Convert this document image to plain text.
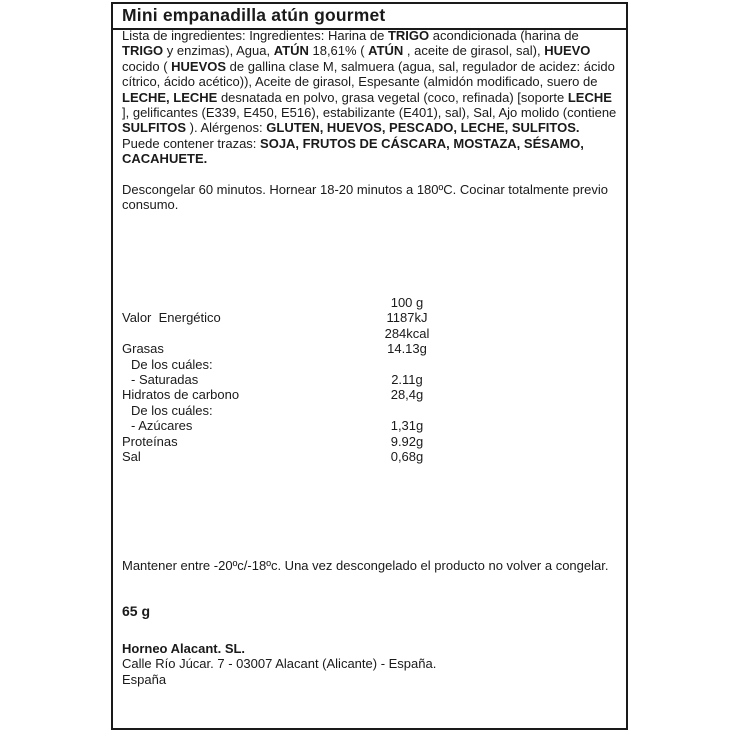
Mini empanadilla atún gourmet
Lista de ingredientes: Ingredientes: Harina de TRIGO acondicionada (harina de TRIGO y enzimas), Agua, ATÚN 18,61% ( ATÚN , aceite de girasol, sal), HUEVO cocido ( HUEVOS de gallina clase M, salmuera (agua, sal, regulador de acidez: ácido cítrico, ácido acético)), Aceite de girasol, Espesante (almidón modificado, suero de LECHE, LECHE desnatada en polvo, grasa vegetal (coco, refinada) [soporte LECHE ], gelificantes (E339, E450, E516), estabilizante (E401), sal), Sal, Ajo molido (contiene SULFITOS ). Alérgenos: GLUTEN, HUEVOS, PESCADO, LECHE, SULFITOS. Puede contener trazas: SOJA, FRUTOS DE CÁSCARA, MOSTAZA, SÉSAMO, CACAHUETE.
Descongelar 60 minutos. Hornear 18-20 minutos a 180ºC. Cocinar totalmente previo consumo.
100 g
Valor  Energético	1187kJ
284kcal
Grasas	14.13g
De los cuáles:
- Saturadas	2.11g
Hidratos de carbono	28,4g
De los cuáles:
- Azúcares	1,31g
Proteínas	9.92g
Sal	0,68g
Mantener entre -20ºc/-18ºc. Una vez descongelado el producto no volver a congelar.
65 g
Horneo Alacant. SL.
Calle Río Júcar. 7 - 03007 Alacant (Alicante) - España.
España
